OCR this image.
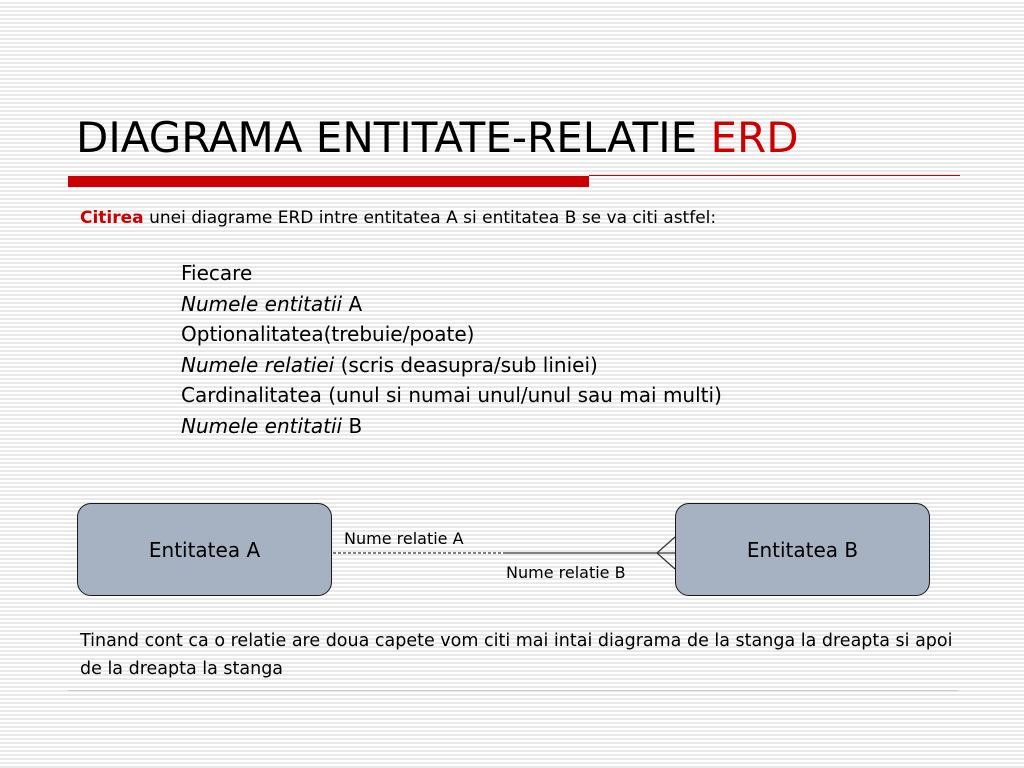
DIAGRAMA ENTITATE-RELATIE ERD
Citirea unei diagrame ERD intre entitatea A si entitatea B se va citi astfel:
Fiecare
Numele entitatii A
Optionalitatea(trebuie/poate)
Numele relatiei (scris deasupra/sub liniei)
Cardinalitatea (unul si numai unul/unul sau mai multi)
Numele entitatii B
Entitatea A	Entitatea B
Nume relatie A
Nume relatie B
Tinand cont ca o relatie are doua capete vom citi mai intai diagrama de la stanga la dreapta si apoi de la dreapta la stanga
